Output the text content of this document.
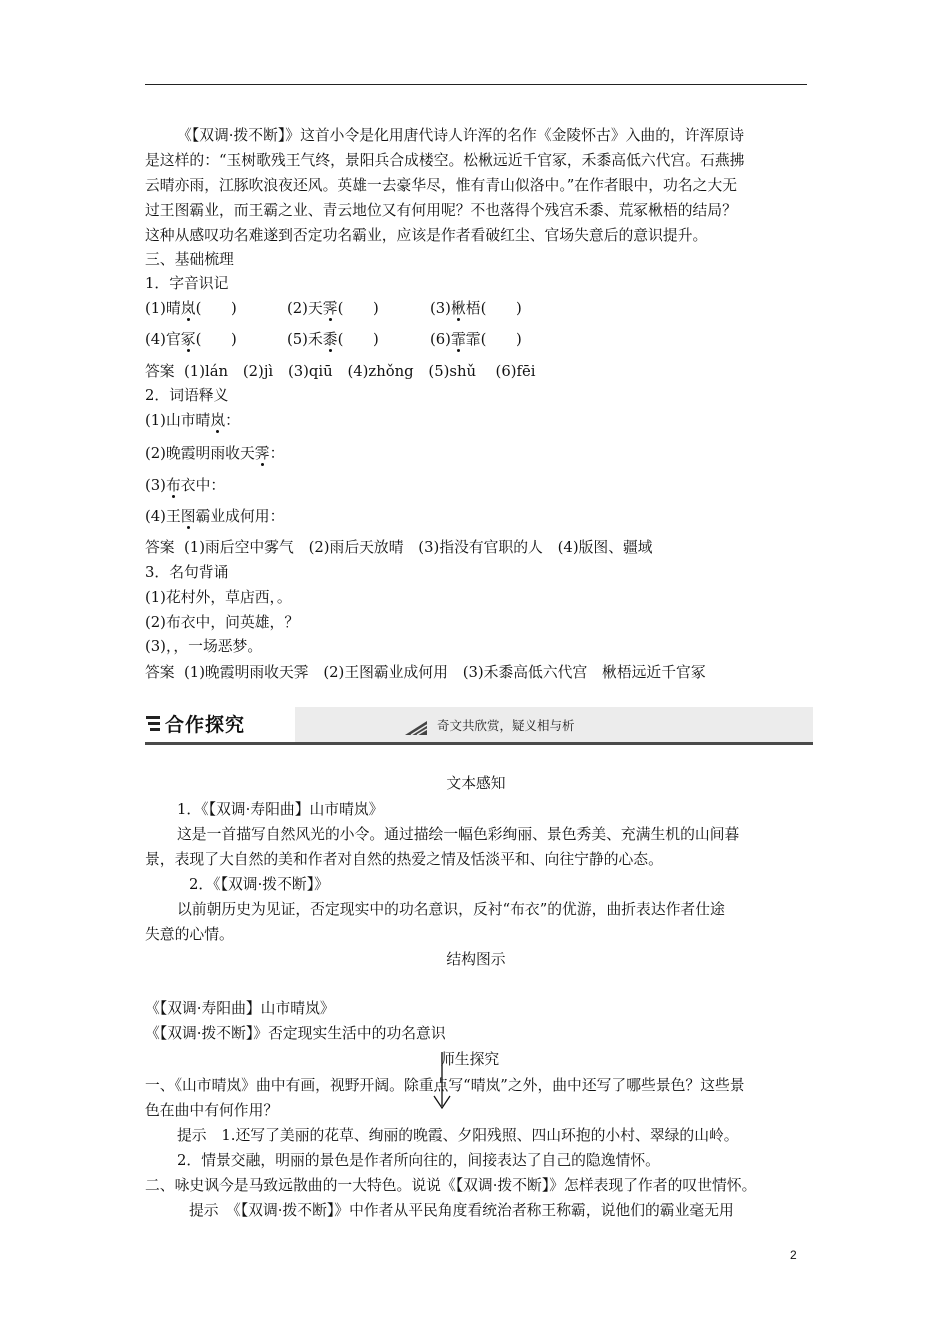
《【双调·拨不断】》这首小令是化用唐代诗人许浑的名作《金陵怀古》入曲的，许浑原诗
是这样的：“玉树歌残王气终，景阳兵合成楼空。松楸远近千官冢，禾黍高低六代宫。石燕拂
云晴亦雨，江豚吹浪夜还风。英雄一去豪华尽，惟有青山似洛中。”在作者眼中，功名之大无
过王图霸业，而王霸之业、青云地位又有何用呢？不也落得个残宫禾黍、荒冢楸梧的结局？
这种从感叹功名难遂到否定功名霸业，应该是作者看破红尘、官场失意后的意识提升。
三、基础梳理
1．字音识记
(1)晴岚(　　)	(2)天霁(　　)	(3)楸梧(　　)
(4)官冢(　　)	(5)禾黍(　　)	(6)霏霏(　　)
答案 (1)lán　(2)jì　(3)qiū　(4)zhǒng　(5)shǔ　 (6)fēi
2．词语释义
(1)山市晴岚：
(2)晚霞明雨收天霁：
(3)布衣中：
(4)王图霸业成何用：
答案 (1)雨后空中雾气　(2)雨后天放晴　(3)指没有官职的人　(4)版图、疆域
3．名句背诵
(1)花村外，草店西，。
(2)布衣中，问英雄，？
(3)，，一场恶梦。
答案 (1)晚霞明雨收天霁　(2)王图霸业成何用　(3)禾黍高低六代宫　楸梧远近千官冢
合作探究	奇文共欣赏，疑义相与析
文本感知
1．《【双调·寿阳曲】山市晴岚》
这是一首描写自然风光的小令。通过描绘一幅色彩绚丽、景色秀美、充满生机的山间暮
景，表现了大自然的美和作者对自然的热爱之情及恬淡平和、向往宁静的心态。
2．《【双调·拨不断】》
以前朝历史为见证，否定现实中的功名意识，反衬“布衣”的优游，曲折表达作者仕途
失意的心情。
结构图示
《【双调·寿阳曲】山市晴岚》
《【双调·拨不断】》否定现实生活中的功名意识
师生探究
一、《山市晴岚》曲中有画，视野开阔。除重点写“晴岚”之外，曲中还写了哪些景色？这些景
色在曲中有何作用？
提示　1.还写了美丽的花草、绚丽的晚霞、夕阳残照、四山环抱的小村、翠绿的山岭。
2．情景交融，明丽的景色是作者所向往的，间接表达了自己的隐逸情怀。
二、咏史讽今是马致远散曲的一大特色。说说《【双调·拨不断】》怎样表现了作者的叹世情怀。
提示　《【双调·拨不断】》中作者从平民角度看统治者称王称霸，说他们的霸业毫无用
2
